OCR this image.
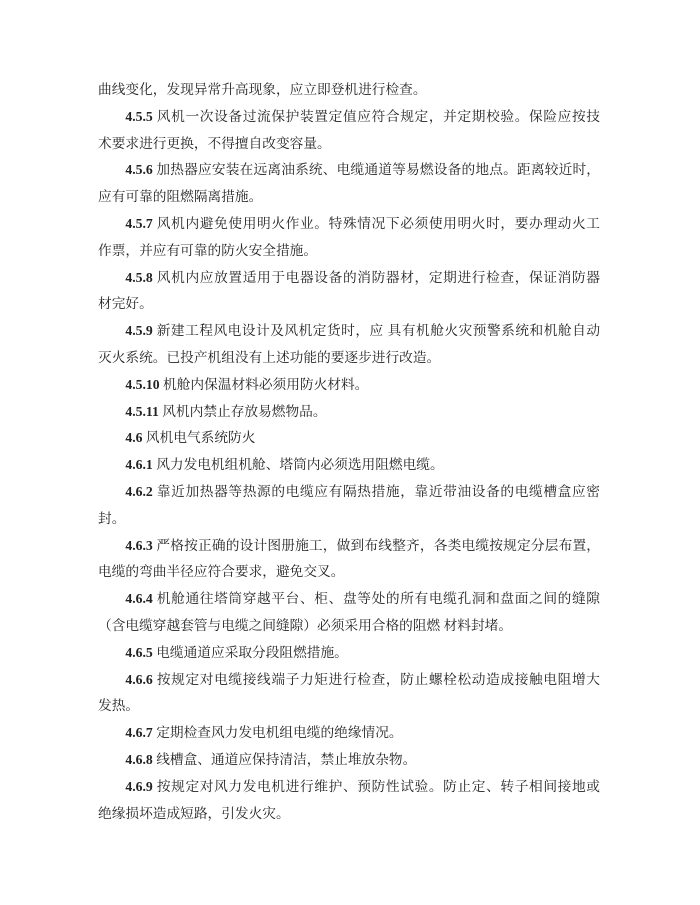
曲线变化，发现异常升高现象，应立即登机进行检查。
4.5.5 风机一次设备过流保护装置定值应符合规定，并定期校验。保险应按技
术要求进行更换，不得擅自改变容量。
4.5.6 加热器应安装在远离油系统、电缆通道等易燃设备的地点。距离较近时，
应有可靠的阻燃隔离措施。
4.5.7 风机内避免使用明火作业。特殊情况下必须使用明火时，要办理动火工
作票，并应有可靠的防火安全措施。
4.5.8 风机内应放置适用于电器设备的消防器材，定期进行检查，保证消防器
材完好。
4.5.9 新建工程风电设计及风机定货时，应 具有机舱火灾预警系统和机舱自动
灭火系统。已投产机组没有上述功能的要逐步进行改造。
4.5.10 机舱内保温材料必须用防火材料。
4.5.11 风机内禁止存放易燃物品。
4.6 风机电气系统防火
4.6.1 风力发电机组机舱、塔筒内必须选用阻燃电缆。
4.6.2 靠近加热器等热源的电缆应有隔热措施，靠近带油设备的电缆槽盒应密
封。
4.6.3 严格按正确的设计图册施工，做到布线整齐，各类电缆按规定分层布置，
电缆的弯曲半径应符合要求，避免交叉。
4.6.4 机舱通往塔筒穿越平台、柜、盘等处的所有电缆孔洞和盘面之间的缝隙
（含电缆穿越套管与电缆之间缝隙）必须采用合格的阻燃 材料封堵。
4.6.5 电缆通道应采取分段阻燃措施。
4.6.6 按规定对电缆接线端子力矩进行检查，防止螺栓松动造成接触电阻增大
发热。
4.6.7 定期检查风力发电机组电缆的绝缘情况。
4.6.8 线槽盒、通道应保持清洁，禁止堆放杂物。
4.6.9 按规定对风力发电机进行维护、预防性试验。防止定、转子相间接地或
绝缘损坏造成短路，引发火灾。
